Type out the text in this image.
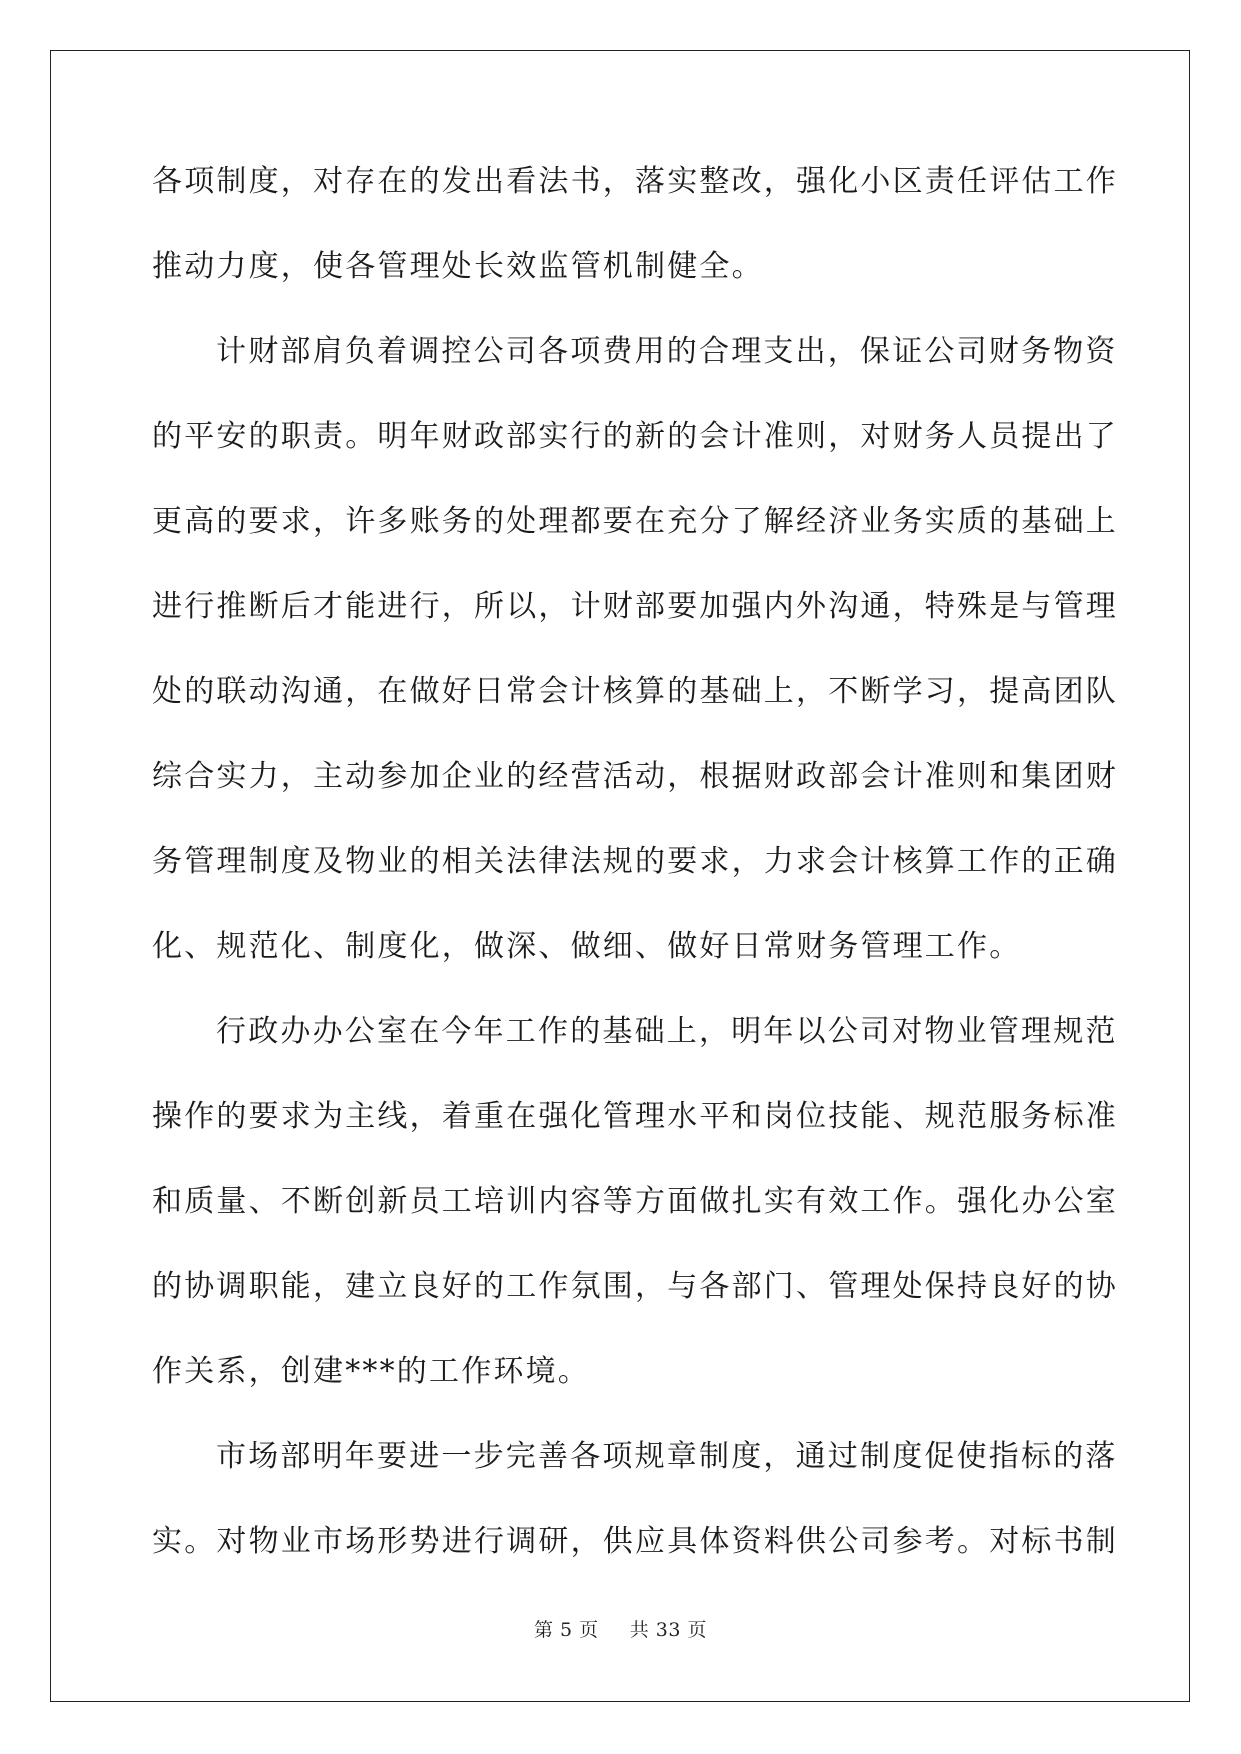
各项制度，对存在的发出看法书，落实整改，强化小区责任评估工作
推动力度，使各管理处长效监管机制健全。
计财部肩负着调控公司各项费用的合理支出，保证公司财务物资
的平安的职责。明年财政部实行的新的会计准则，对财务人员提出了
更高的要求，许多账务的处理都要在充分了解经济业务实质的基础上
进行推断后才能进行，所以，计财部要加强内外沟通，特殊是与管理
处的联动沟通，在做好日常会计核算的基础上，不断学习，提高团队
综合实力，主动参加企业的经营活动，根据财政部会计准则和集团财
务管理制度及物业的相关法律法规的要求，力求会计核算工作的正确
化、规范化、制度化，做深、做细、做好日常财务管理工作。
行政办办公室在今年工作的基础上，明年以公司对物业管理规范
操作的要求为主线，着重在强化管理水平和岗位技能、规范服务标准
和质量、不断创新员工培训内容等方面做扎实有效工作。强化办公室
的协调职能，建立良好的工作氛围，与各部门、管理处保持良好的协
作关系，创建***的工作环境。
市场部明年要进一步完善各项规章制度，通过制度促使指标的落
实。对物业市场形势进行调研，供应具体资料供公司参考。对标书制
第 5 页 共 33 页
